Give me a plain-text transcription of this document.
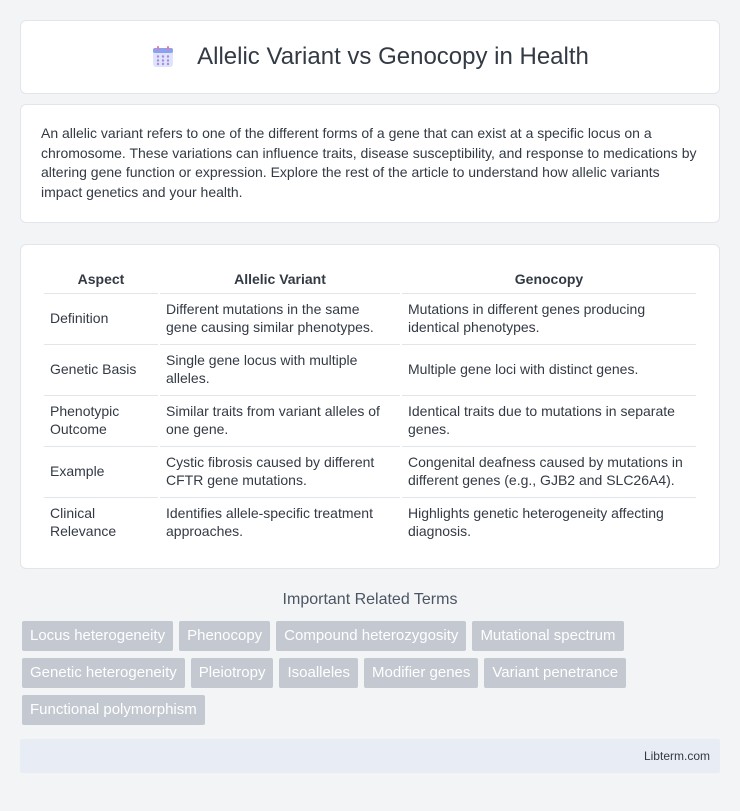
Allelic Variant vs Genocopy in Health
An allelic variant refers to one of the different forms of a gene that can exist at a specific locus on a chromosome. These variations can influence traits, disease susceptibility, and response to medications by altering gene function or expression. Explore the rest of the article to understand how allelic variants impact genetics and your health.
Aspect	Allelic Variant	Genocopy
Definition	Different mutations in the same gene causing similar phenotypes.	Mutations in different genes producing identical phenotypes.
Genetic Basis	Single gene locus with multiple alleles.	Multiple gene loci with distinct genes.
Phenotypic Outcome	Similar traits from variant alleles of one gene.	Identical traits due to mutations in separate genes.
Example	Cystic fibrosis caused by different CFTR gene mutations.	Congenital deafness caused by mutations in different genes (e.g., GJB2 and SLC26A4).
Clinical Relevance	Identifies allele-specific treatment approaches.	Highlights genetic heterogeneity affecting diagnosis.
Important Related Terms
Locus heterogeneity	Phenocopy	Compound heterozygosity	Mutational spectrum
Genetic heterogeneity	Pleiotropy	Isoalleles	Modifier genes	Variant penetrance
Functional polymorphism
Libterm.com
